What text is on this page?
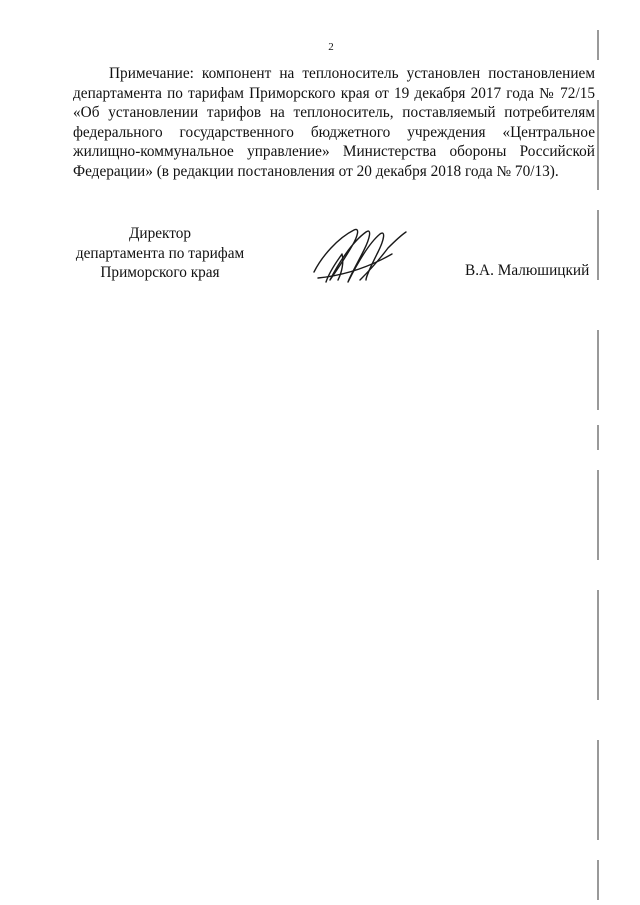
2
Примечание: компонент на теплоноситель установлен постановлением
департамента по тарифам Приморского края от 19 декабря 2017 года № 72/15
«Об установлении тарифов на теплоноситель, поставляемый потребителям
федерального государственного бюджетного учреждения «Центральное
жилищно-коммунальное управление» Министерства обороны Российской
Федерации» (в редакции постановления от 20 декабря 2018 года № 70/13).
Директор
департамента по тарифам
Приморского края	В.А. Малюшицкий
